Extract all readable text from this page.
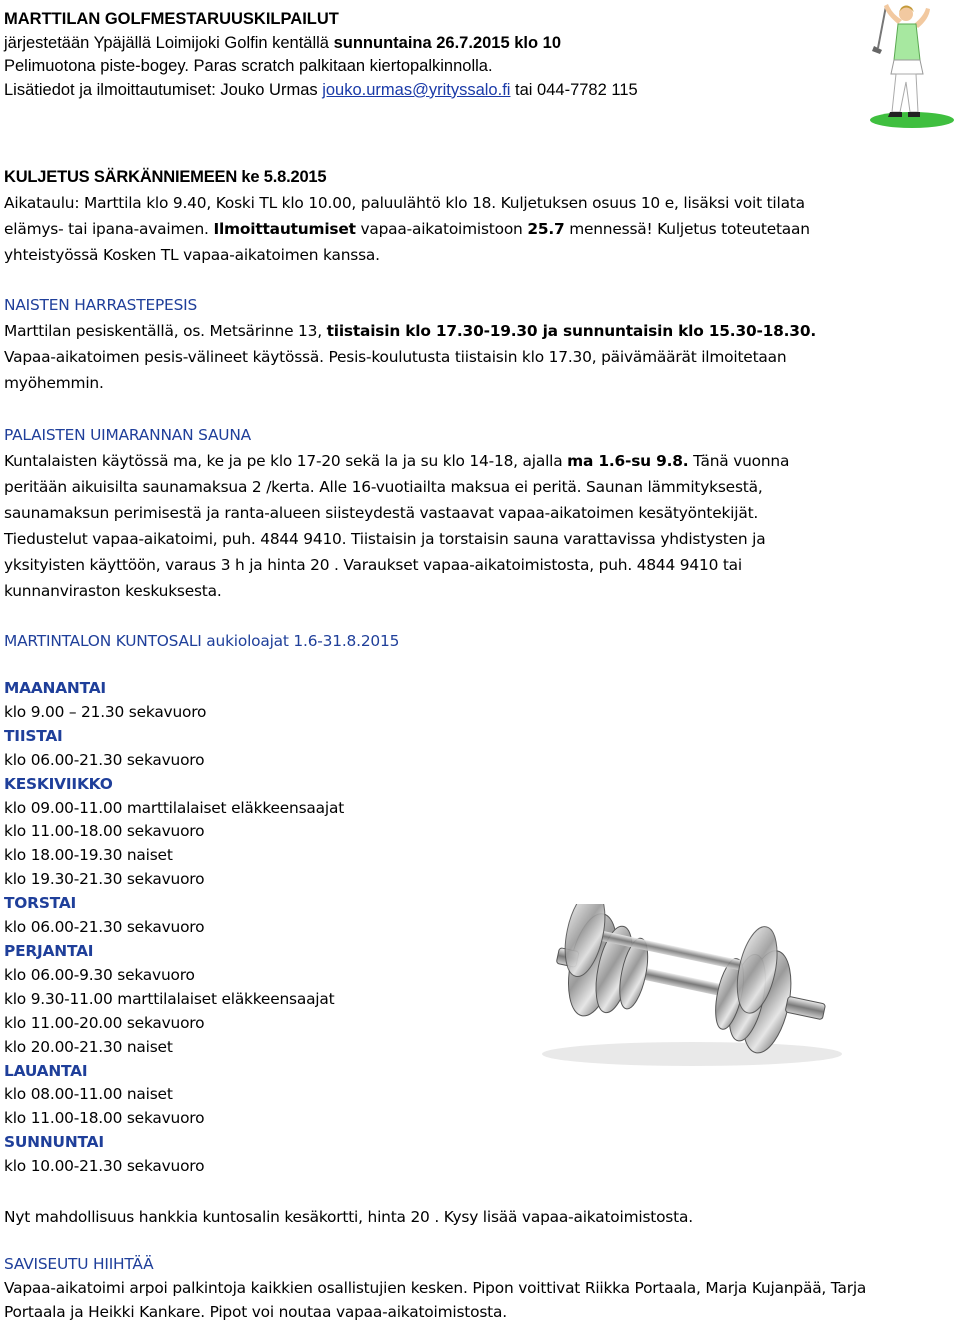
MARTTILAN GOLFMESTARUUSKILPAILUT

järjestetään Ypäjällä Loimijoki Golfin kentällä sunnuntaina 26.7.2015 klo 10

Pelimuotona piste-bogey. Paras scratch palkitaan kiertopalkinnolla.

Lisätiedot ja ilmoittautumiset: Jouko Urmas jouko.urmas@yrityssalo.fi tai 044-7782 115

KULJETUS SÄRKÄNNIEMEEN ke 5.8.2015

Aikataulu: Marttila klo 9.40, Koski TL klo 10.00, paluulähtö klo 18. Kuljetuksen osuus 10 e, lisäksi voit tilata

elämys- tai ipana-avaimen. Ilmoittautumiset vapaa-aikatoimistoon 25.7 mennessä! Kuljetus toteutetaan

yhteistyössä Kosken TL vapaa-aikatoimen kanssa.

NAISTEN HARRASTEPESIS

Marttilan pesiskentällä, os. Metsärinne 13, tiistaisin klo 17.30-19.30 ja sunnuntaisin klo 15.30-18.30.

Vapaa-aikatoimen pesis-välineet käytössä. Pesis-koulutusta tiistaisin klo 17.30, päivämäärät ilmoitetaan

myöhemmin.

PALAISTEN UIMARANNAN SAUNA

Kuntalaisten käytössä ma, ke ja pe klo 17-20 sekä la ja su klo 14-18, ajalla ma 1.6-su 9.8. Tänä vuonna

peritään aikuisilta saunamaksua 2 /kerta. Alle 16-vuotiailta maksua ei peritä. Saunan lämmityksestä,

saunamaksun perimisestä ja ranta-alueen siisteydestä vastaavat vapaa-aikatoimen kesätyöntekijät.

Tiedustelut vapaa-aikatoimi, puh. 4844 9410. Tiistaisin ja torstaisin sauna varattavissa yhdistysten ja

yksityisten käyttöön, varaus 3 h ja hinta 20 . Varaukset vapaa-aikatoimistosta, puh. 4844 9410 tai

kunnanviraston keskuksesta.

MARTINTALON KUNTOSALI aukioloajat 1.6-31.8.2015

MAANANTAI

klo 9.00 – 21.30 sekavuoro

TIISTAI

klo 06.00-21.30 sekavuoro

KESKIVIIKKO

klo 09.00-11.00 marttilalaiset eläkkeensaajat

klo 11.00-18.00 sekavuoro

klo 18.00-19.30 naiset

klo 19.30-21.30 sekavuoro

TORSTAI

klo 06.00-21.30 sekavuoro

PERJANTAI

klo 06.00-9.30 sekavuoro

klo 9.30-11.00 marttilalaiset eläkkeensaajat

klo 11.00-20.00 sekavuoro

klo 20.00-21.30 naiset

LAUANTAI

klo 08.00-11.00 naiset

klo 11.00-18.00 sekavuoro

SUNNUNTAI

klo 10.00-21.30 sekavuoro

Nyt mahdollisuus hankkia kuntosalin kesäkortti, hinta 20 . Kysy lisää vapaa-aikatoimistosta.

SAVISEUTU HIIHTÄÄ

Vapaa-aikatoimi arpoi palkintoja kaikkien osallistujien kesken. Pipon voittivat Riikka Portaala, Marja Kujanpää, Tarja

Portaala ja Heikki Kankare. Pipot voi noutaa vapaa-aikatoimistosta.
